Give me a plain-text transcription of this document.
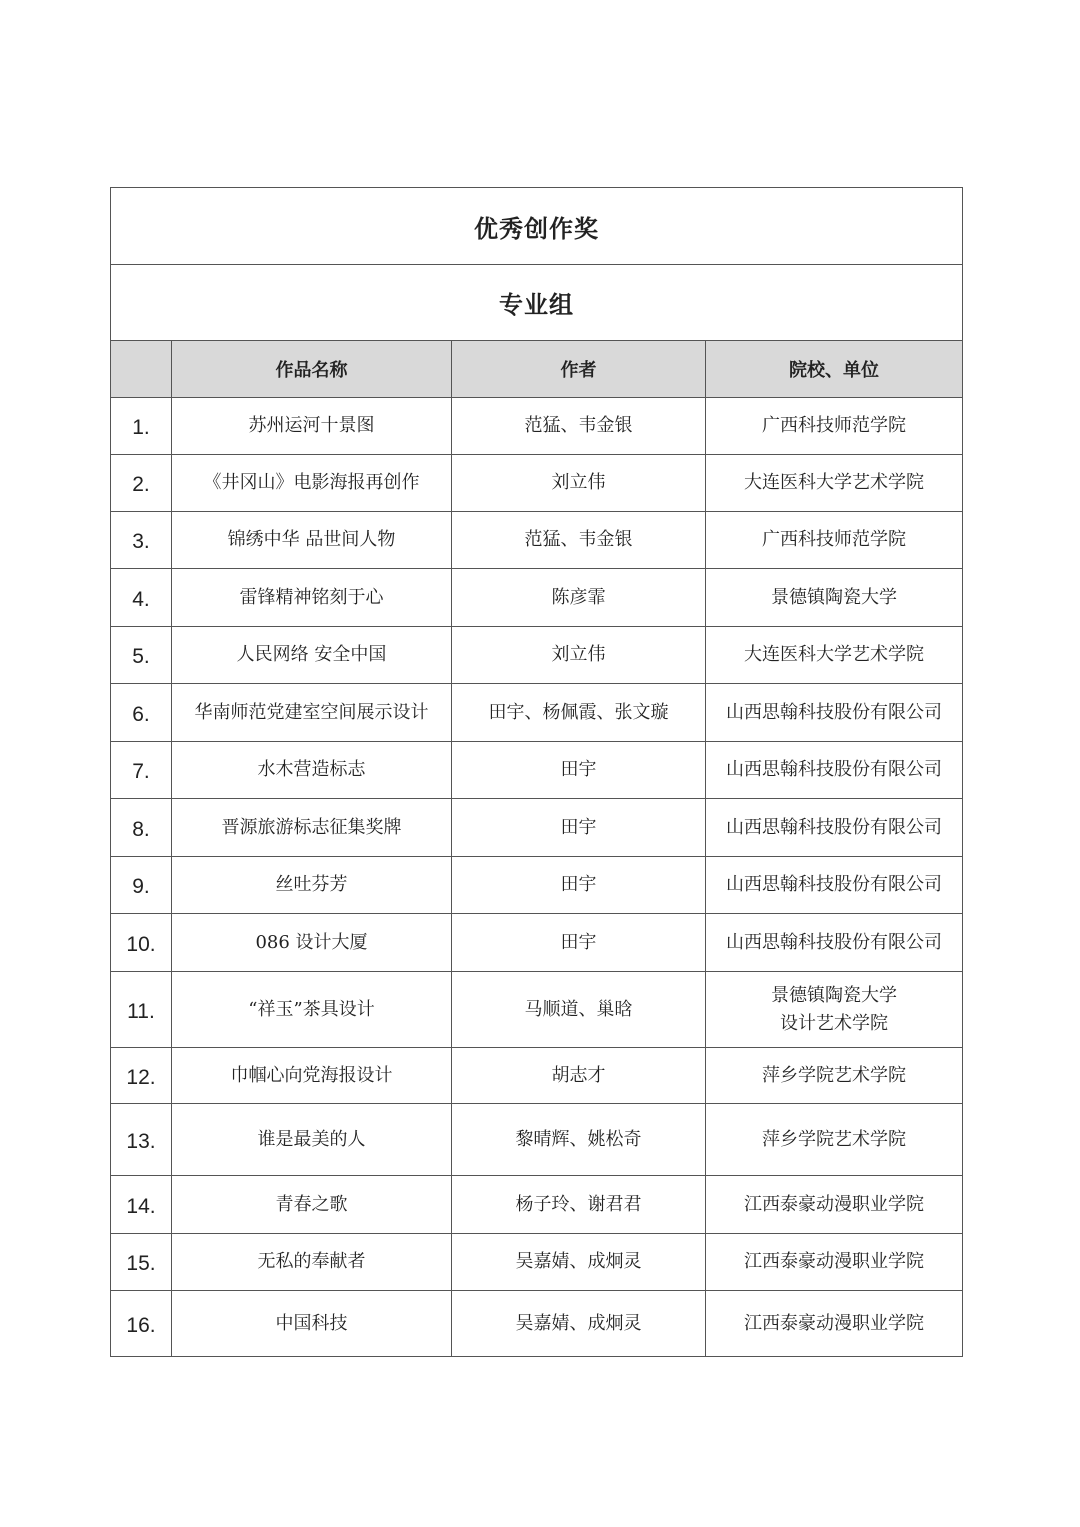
优秀创作奖			
专业组			
	作品名称	作者	院校、单位
1.	苏州运河十景图	范猛、韦金银	广西科技师范学院

2.	《井冈山》电影海报再创作	刘立伟	大连医科大学艺术学院

3.	锦绣中华 品世间人物	范猛、韦金银	广西科技师范学院

4.	雷锋精神铭刻于心	陈彦霏	景德镇陶瓷大学

5.	人民网络 安全中国	刘立伟	大连医科大学艺术学院

6.	华南师范党建室空间展示设计	田宇、杨佩霞、张文璇	山西思翰科技股份有限公司

7.	水木营造标志	田宇	山西思翰科技股份有限公司

8.	晋源旅游标志征集奖牌	田宇	山西思翰科技股份有限公司

9.	丝吐芬芳	田宇	山西思翰科技股份有限公司

10.	086 设计大厦	田宇	山西思翰科技股份有限公司

11.	“祥玉”茶具设计	马顺道、巢晗	景德镇陶瓷大学
设计艺术学院

12.	巾帼心向党海报设计	胡志才	萍乡学院艺术学院

13.	谁是最美的人	黎晴辉、姚松奇	萍乡学院艺术学院

14.	青春之歌	杨子玲、谢君君	江西泰豪动漫职业学院

15.	无私的奉献者	吴嘉婧、成炯灵	江西泰豪动漫职业学院

16.	中国科技	吴嘉婧、成炯灵	江西泰豪动漫职业学院
